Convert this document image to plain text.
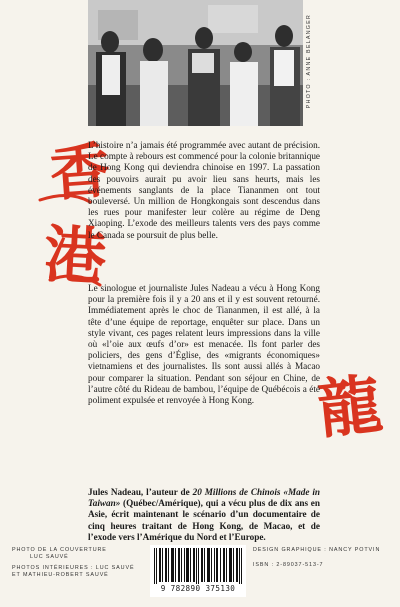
PHOTO : ANNE BELANGER
香
港
龍
L’histoire n’a jamais été programmée avec autant de précision. Le compte à rebours est commencé pour la colonie britannique de Hong Kong qui deviendra chinoise en 1997. La passation des pouvoirs aurait pu avoir lieu sans heurts, mais les événements sanglants de la place Tiananmen ont tout bouleversé. Un million de Hongkongais sont descendus dans les rues pour manifester leur colère au régime de Deng Xiaoping. L’exode des meilleurs talents vers des pays comme le Canada se poursuit de plus belle.
Le sinologue et journaliste Jules Nadeau a vécu à Hong Kong pour la première fois il y a 20 ans et il y est souvent retourné. Immédiatement après le choc de Tiananmen, il est allé, à la tête d’une équipe de reportage, enquêter sur place. Dans un style vivant, ces pages relatent leurs impressions dans la ville où «l’oie aux œufs d’or» est menacée. Ils font parler des policiers, des gens d’Église, des «migrants économiques» vietnamiens et des journalistes. Ils sont aussi allés à Macao pour comparer la situation. Pendant son séjour en Chine, de l’autre côté du Rideau de bambou, l’équipe de Québécois a été poliment expulsée et renvoyée à Hong Kong.
Jules Nadeau, l’auteur de 20 Millions de Chinois «Made in Taiwan» (Québec/Amérique), qui a vécu plus de dix ans en Asie, écrit maintenant le scénario d’un documentaire de cinq heures traitant de Hong Kong, de Macao, et de l’exode vers l’Amérique du Nord et l’Europe.
PHOTO DE LA COUVERTURE
LUC SAUVÉ
PHOTOS INTÉRIEURES : LUC SAUVÉ
ET MATHIEU-ROBERT SAUVÉ
DESIGN GRAPHIQUE : NANCY POTVIN
ISBN : 2-89037-513-7
9 782890 375130
